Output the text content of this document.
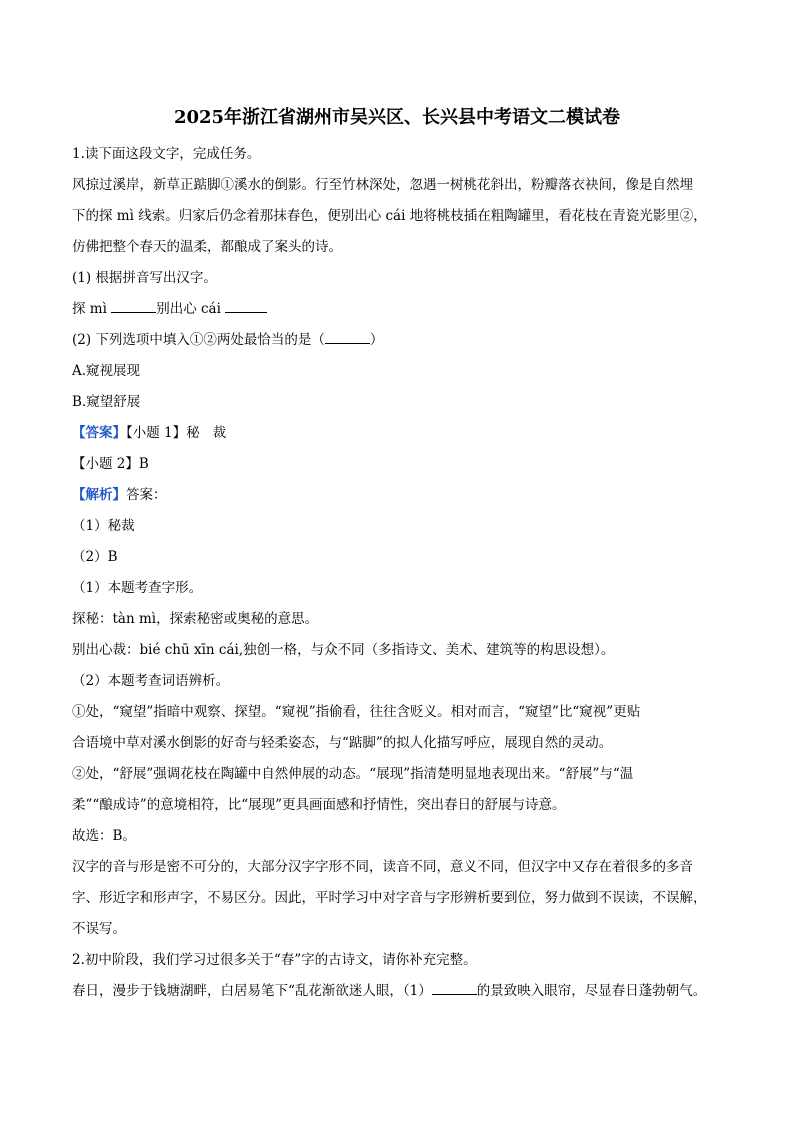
2025年浙江省湖州市吴兴区、长兴县中考语文二模试卷
1.读下面这段文字，完成任务。
风掠过溪岸，新草正踮脚①溪水的倒影。行至竹林深处，忽遇一树桃花斜出，粉瓣落衣袂间，像是自然埋
下的探 mì 线索。归家后仍念着那抹春色，便别出心 cái 地将桃枝插在粗陶罐里，看花枝在青瓷光影里②，
仿佛把整个春天的温柔，都酿成了案头的诗。
(1) 根据拼音写出汉字。
探 mì	别出心 cái
(2) 下列选项中填入①②两处最恰当的是（	）
A.窥视展现
B.窥望舒展
【答案】【小题 1】秘 裁
【小题 2】B
【解析】答案：
（1）秘裁
（2）B
（1）本题考查字形。
探秘：tàn mì，探索秘密或奥秘的意思。
别出心裁：bié chū xīn cái,独创一格，与众不同（多指诗文、美术、建筑等的构思设想）。
（2）本题考查词语辨析。
①处，“窥望”指暗中观察、探望。“窥视”指偷看，往往含贬义。相对而言，“窥望”比“窥视”更贴
合语境中草对溪水倒影的好奇与轻柔姿态，与“踮脚”的拟人化描写呼应，展现自然的灵动。
②处，“舒展”强调花枝在陶罐中自然伸展的动态。“展现”指清楚明显地表现出来。“舒展”与“温
柔”“酿成诗”的意境相符，比“展现”更具画面感和抒情性，突出春日的舒展与诗意。
故选：B。
汉字的音与形是密不可分的，大部分汉字字形不同，读音不同，意义不同，但汉字中又存在着很多的多音
字、形近字和形声字，不易区分。因此，平时学习中对字音与字形辨析要到位，努力做到不误读，不误解，
不误写。
2.初中阶段，我们学习过很多关于“春”字的古诗文，请你补充完整。
春日，漫步于钱塘湖畔，白居易笔下“乱花渐欲迷人眼，（1）	的景致映入眼帘，尽显春日蓬勃朝气。
